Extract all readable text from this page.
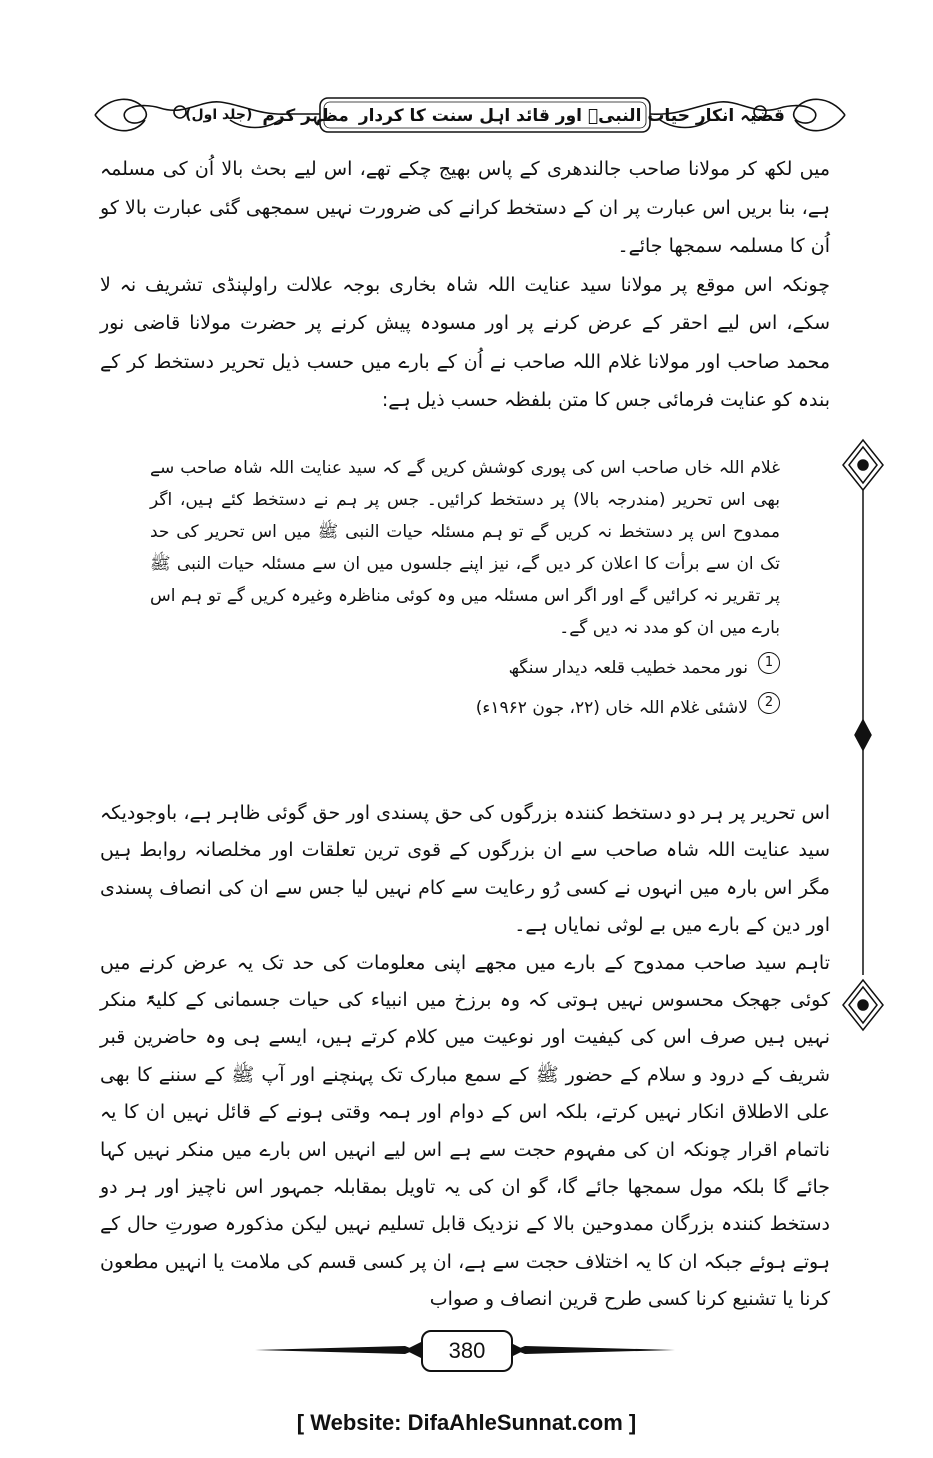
قضیہ انکار حیات النبیؐ اور قائد اہل سنت کا کردار
مظہر کرم
(جلد اول)

میں لکھ کر مولانا صاحب جالندھری کے پاس بھیج چکے تھے، اس لیے بحث بالا اُن کی مسلمہ ہے، بنا بریں اس عبارت پر ان کے دستخط کرانے کی ضرورت نہیں سمجھی گئی عبارت بالا کو اُن کا مسلمہ سمجھا جائے۔

چونکہ اس موقع پر مولانا سید عنایت اللہ شاہ بخاری بوجہ علالت راولپنڈی تشریف نہ لا سکے، اس لیے احقر کے عرض کرنے پر اور مسودہ پیش کرنے پر حضرت مولانا قاضی نور محمد صاحب اور مولانا غلام اللہ صاحب نے اُن کے بارے میں حسب ذیل تحریر دستخط کر کے بندہ کو عنایت فرمائی جس کا متن بلفظہ حسب ذیل ہے:

غلام اللہ خاں صاحب اس کی پوری کوشش کریں گے کہ سید عنایت اللہ شاہ صاحب سے بھی اس تحریر (مندرجہ بالا) پر دستخط کرائیں۔ جس پر ہم نے دستخط کئے ہیں، اگر ممدوح اس پر دستخط نہ کریں گے تو ہم مسئلہ حیات النبی ﷺ میں اس تحریر کی حد تک ان سے برأت کا اعلان کر دیں گے، نیز اپنے جلسوں میں ان سے مسئلہ حیات النبی ﷺ پر تقریر نہ کرائیں گے اور اگر اس مسئلہ میں وہ کوئی مناظرہ وغیرہ کریں گے تو ہم اس بارے میں ان کو مدد نہ دیں گے۔

1
نور محمد خطیب قلعہ دیدار سنگھ

2
لاشئی غلام اللہ خاں (۲۲، جون ۱۹۶۲ء)

اس تحریر پر ہر دو دستخط کنندہ بزرگوں کی حق پسندی اور حق گوئی ظاہر ہے، باوجودیکہ سید عنایت اللہ شاہ صاحب سے ان بزرگوں کے قوی ترین تعلقات اور مخلصانہ روابط ہیں مگر اس بارہ میں انہوں نے کسی رُو رعایت سے کام نہیں لیا جس سے ان کی انصاف پسندی اور دین کے بارے میں بے لوثی نمایاں ہے۔

تاہم سید صاحب ممدوح کے بارے میں مجھے اپنی معلومات کی حد تک یہ عرض کرنے میں کوئی جھجک محسوس نہیں ہوتی کہ وہ برزخ میں انبیاء کی حیات جسمانی کے کلیۃً منکر نہیں ہیں صرف اس کی کیفیت اور نوعیت میں کلام کرتے ہیں، ایسے ہی وہ حاضرین قبر شریف کے درود و سلام کے حضور ﷺ کے سمع مبارک تک پہنچنے اور آپ ﷺ کے سننے کا بھی علی الاطلاق انکار نہیں کرتے، بلکہ اس کے دوام اور ہمہ وقتی ہونے کے قائل نہیں ان کا یہ ناتمام اقرار چونکہ ان کی مفہوم حجت سے ہے اس لیے انہیں اس بارے میں منکر نہیں کہا جائے گا بلکہ مول سمجھا جائے گا، گو ان کی یہ تاویل بمقابلہ جمہور اس ناچیز اور ہر دو دستخط کنندہ بزرگان ممدوحین بالا کے نزدیک قابل تسلیم نہیں لیکن مذکورہ صورتِ حال کے ہوتے ہوئے جبکہ ان کا یہ اختلاف حجت سے ہے، ان پر کسی قسم کی ملامت یا انہیں مطعون کرنا یا تشنیع کرنا کسی طرح قرین انصاف و صواب

380
[ Website: DifaAhleSunnat.com ]
